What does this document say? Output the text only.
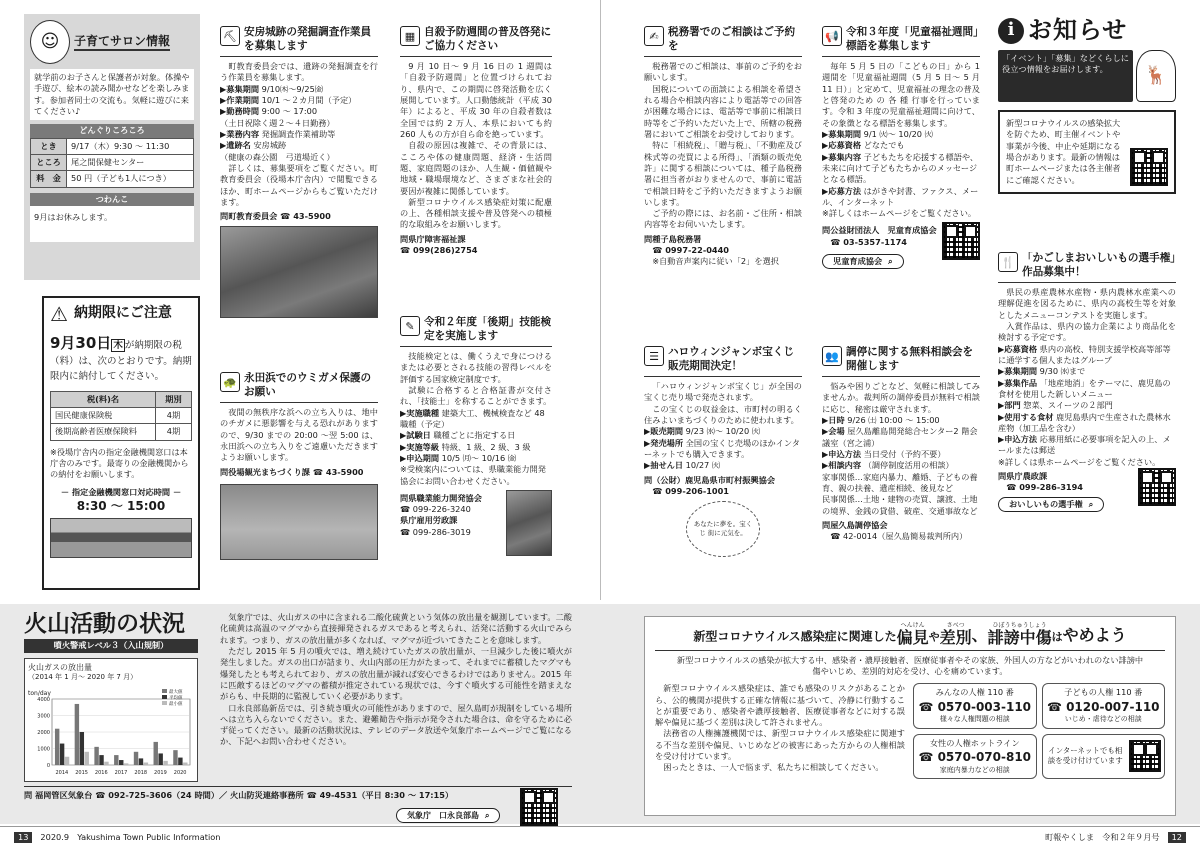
☺	子育てサロン情報
就学前のお子さんと保護者が対象。体操や手遊び、絵本の読み聞かせなどを楽しみます。参加者同士の交流も。気軽に遊びに来てください♪
どんぐりころころ
とき	9/17（木）9:30 ～ 11:30
ところ	尾之間保健センター
料　金	50 円（子ども1人につき）
つわんこ
9月はお休みします。
⚠ 納期限にご注意
9月30日 木 が納期限の税（料）は、次のとおりです。納期限内に納付してください。
税(料)名	期別
国民健康保険税	4期
後期高齢者医療保険料	4期
※役場庁舎内の指定金融機関窓口は本庁舎のみです。最寄りの金融機関からの納付をお願いします。
－ 指定金融機関窓口対応時間 －
8:30 ～ 15:00
⛏ 安房城跡の発掘調査作業員を募集します
町教育委員会では、遺跡の発掘調査を行う作業員を募集します。
▶募集期間 9/10㈭～9/25㈮
▶作業期間 10/1 ～２カ月間（予定）
▶勤務時間 9:00 ～ 17:00
（土日祝除く週２～４日勤務）
▶業務内容 発掘調査作業補助等
▶遺跡名 安房城跡
（健康の森公園　弓道場近く）
詳しくは、募集要項をご覧ください。町教育委員会（役場本庁舎内）で閲覧できるほか、町ホームページからもご覧いただけます。
問町教育委員会 ☎ 43-5900
🐢 永田浜でのウミガメ保護のお願い
夜間の無秩序な浜への立ち入りは、地中のチガメに悪影響を与える恐れがありますので、9/30 までの 20:00 ～翌 5:00 は、永田浜への立ち入りをご遠慮いただきますようお願いします。
問役場観光まちづくり課 ☎ 43-5900
▦ 自殺予防週間の普及啓発にご協力ください
9 月 10 日～ 9 月 16 日の 1 週間は「自殺予防週間」と位置づけられており、県内で、この期間に啓発活動を広く展開しています。人口動態統計（平成 30 年）によると、平成 30 年の自殺者数は全国では約 2 万人、本県においても約 260 人もの方が自ら命を絶っています。
自殺の原因は複雑で、その背景には、こころや体の健康問題、経済・生活問題、家庭問題のほか、人生観・価値観や地域・職場環境など、さまざまな社会的要因が複雑に関係しています。
新型コロナウイルス感染症対策に配慮の上、各種相談支援や普及啓発への積極的な取組みをお願いします。
問県庁障害福祉課
☎ 099(286)2754
✎ 令和２年度「後期」技能検定を実施します
技能検定とは、働くうえで身につけるまたは必要とされる技能の習得レベルを評価する国家検定制度です。
試験に合格すると合格証書が交付され、「技能士」を称することができます。
▶実施職種 建築大工、機械検査など 48 職種（予定）
▶試験日 職種ごとに指定する日
▶実施等級 特級、1 級、2 級、3 級
▶申込期間 10/5 ㈪～ 10/16 ㈮
※受検案内については、県職業能力開発協会にお問い合わせください。
問県職業能力開発協会
☎ 099-226-3240
県庁雇用労政課
☎ 099-286-3019
✍ 税務署でのご相談はご予約を
税務署でのご相談は、事前のご予約をお願いします。
国税についての面談による相談を希望される場合や相談内容により電話等での回答が困難な場合には、電話等で事前に相談日時等をご予約いただいた上で、所轄の税務署においてご相談をお受けしております。
特に「相続税」、「贈与税」、「不動産及び株式等の売買による所得」、「酒類の販売免許」に関する相談については、種子島税務署に担当者がおりませんので、事前に電話で相談日時をご予約いただきますようお願いします。
ご予約の際には、お名前・ご住所・相談内容等をお伺いいたします。
問種子島税務署
☎ 0997-22-0440
※自動音声案内に従い「2」を選択
☰ ハロウィンジャンボ宝くじ販売期間決定！
「ハロウィンジャンボ宝くじ」が全国の宝くじ売り場で発売されます。
この宝くじの収益金は、市町村の明るく住みよいまちづくりのために使われます。
▶販売期間 9/23 ㈬～ 10/20 ㈫
▶発売場所 全国の宝くじ売場のほかインターネットでも購入できます。
▶抽せん日 10/27 ㈫
問（公財）鹿児島県市町村振興協会
☎ 099-206-1001
あなたに夢を。宝くじ 街に元気を。
📢 令和３年度「児童福祉週間」標語を募集します
毎年 5 月 5 日の「こどもの日」から 1 週間を「児童福祉週間（5 月 5 日～ 5 月 11 日）」と定めて、児童福祉の理念の普及と啓発のため の 各 種 行事を行っています。令和 3 年度の児童福祉週間に向けて、その象徴となる標語を募集します。
▶募集期間 9/1 ㈫～ 10/20 ㈫
▶応募資格 どなたでも
▶募集内容 子どもたちを応援する標語や、未来に向けて子どもたちからのメッセージとなる標語。
▶応募方法 はがきや封書、ファクス、メール、インターネット
※詳しくはホームページをご覧ください。
問公益財団法人　児童育成協会
☎ 03-5357-1174
児童育成協会 ⌕
👥 調停に関する無料相談会を開催します
悩みや困りごとなど、気軽に相談してみませんか。裁判所の調停委員が無料で相談に応じ、秘密は厳守されます。
▶日時 9/26 ㈯ 10:00 ～ 15:00
▶会場 屋久島離島開発総合センター2 階会議室（宮之浦）
▶申込方法 当日受付（予約不要）
▶相談内容 （調停制度活用の相談）
家事関係…家庭内暴力、離婚、子どもの養育、親の扶養、遺産相続、後見など
民事関係…土地・建物の売買、譲渡、土地の境界、金銭の貸借、破産、交通事故など
問屋久島調停協会
☎ 42-0014（屋久島簡易裁判所内）
i お知らせ
「イベント」「募集」などくらしに役立つ情報をお届けします。	🦌
新型コロナウイルスの感染拡大を防ぐため、町主催イベントや事業が今後、中止や延期になる場合があります。最新の情報は町ホームページまたは各主催者にご確認ください。
🍴 「かごしまおいしいもの選手権」作品募集中！
県民の県産農林水産物・県内農林水産業への理解促進を図るために、県内の高校生等を対象としたメニューコンテストを実施します。
入賞作品は、県内の協力企業により商品化を検討する予定です。
▶応募資格 県内の高校、特別支援学校高等部等に通学する個人またはグループ
▶募集期間 9/30 ㈬まで
▶募集作品 「地産地消」をテーマに、鹿児島の食材を使用した新しいメニュー
▶部門 惣菜、スイーツの２部門
▶使用する食材 鹿児島県内で生産された農林水産物（加工品を含む）
▶申込方法 応募用紙に必要事項を記入の上、メールまたは郵送
※詳しくは県ホームページをご覧ください。
問県庁農政課
☎ 099-286-3194
おいしいもの選手権 ⌕
火山活動の状況
噴火警戒レベル３（入山規制）
火山ガスの放出量
（2014 年 1 月～ 2020 年 7 月）
ton/day
4000
3000
2000
1000
0
2014 2015 2016 2017 2018 2019 2020
最大値
平均値
最小値
気象庁では、火山ガスの中に含まれる二酸化硫黄という気体の放出量を観測しています。二酸化硫黄は高温のマグマから直接揮発されるガスであると考えられ、活発に活動する火山でみられます。つまり、ガスの放出量が多くなれば、マグマが近づいてきたことを意味します。
ただし 2015 年 5 月の噴火では、増え続けていたガスの放出量が、一旦減少した後に噴火が発生しました。ガスの出口が詰まり、火山内部の圧力がたまって、それまでに蓄積したマグマも爆発したとも考えられており、ガスの放出量が減れば安心できるわけではありません。2015 年に匹敵するほどのマグマの蓄積が推定されている現状では、今すぐ噴火する可能性を踏まえながらも、中長期的に監視していく必要があります。
口永良部島新岳では、引き続き噴火の可能性がありますので、屋久島町が規制をしている場所へは立ち入らないでください。また、避難勧告や指示が発令された場合は、命を守るために必ず従ってください。最新の活動状況は、テレビのデータ放送や気象庁ホームページでご覧になるか、下記へお問い合わせください。
問 福岡管区気象台 ☎ 092-725-3606（24 時間）／ 火山防災連絡事務所 ☎ 49-4531（平日 8:30 ～ 17:15）
気象庁　口永良部島 ⌕
新型コロナウイルス感染症に関連した
へんけん
偏見 や
さべつ
差別 、
ひぼうちゅうしょう
誹謗中傷 はやめよう
新型コロナウイルスの感染が拡大する中、感染者・濃厚接触者、医療従事者やその家族、外国人の方などがいわれのない誹謗中傷やいじめ、差別的対応を受け、心を痛めています。
新型コロナウイルス感染症は、誰でも感染のリスクがあることから、公的機関が提供する正確な情報に基づいて、冷静に行動することが重要であり、感染者や濃厚接触者、医療従事者などに対する誤解や偏見に基づく差別は決して許されません。
法務省の人権擁護機関では、新型コロナウイルス感染症に関連する不当な差別や偏見、いじめなどの被害にあった方からの人権相談を受け付けています。
困ったときは、一人で悩まず、私たちに相談してください。
みんなの人権 110 番
☎ 0570-003-110
様々な人権問題の相談
子どもの人権 110 番
☎ 0120-007-110
いじめ・虐待などの相談
女性の人権ホットライン
☎ 0570-070-810
家庭内暴力などの相談
インターネットでも相談を受け付けています
13	2020.9　Yakushima Town Public Information	町報やくしま　令和２年９月号	12
